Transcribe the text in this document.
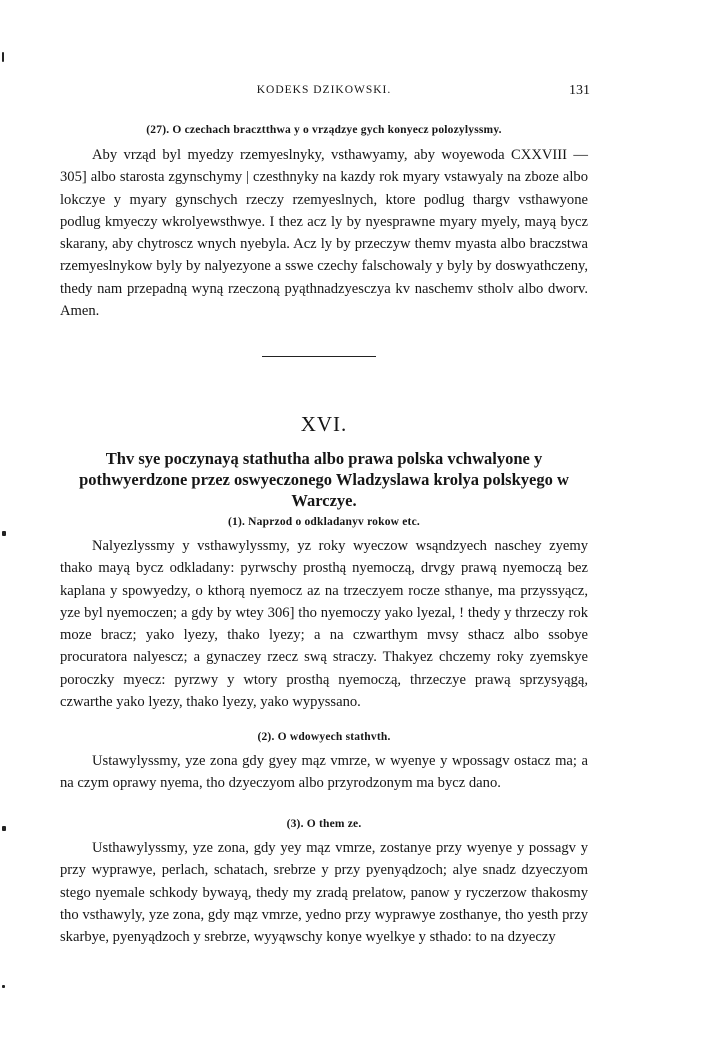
KODEKS DZIKOWSKI.	131
(27). O czechach bracztthwa y o vrządzye gych konyecz polozylyssmy.

Aby vrząd byl myedzy rzemyeslnyky, vsthawyamy, aby woyewoda CXXVIII — 305] albo starosta zgynschymy | czesthnyky na kazdy rok myary vstawyaly na zboze albo lokczye y myary gynschych rzeczy rzemyeslnych, ktore podlug thargv vsthawyone podlug kmyeczy wkrolyewsthwye. I thez acz ly by nyesprawne myary myely, mayą bycz skarany, aby chytroscz wnych nyebyla. Acz ly by przeczyw themv myasta albo braczstwa rzemyeslnykow byly by nalyezyone a sswe czechy falschowaly y byly by doswyathczeny, thedy nam przepadną wyną rzeczoną pyąthnadzyesczya kv naschemv stholv albo dworv. Amen.

XVI.
Thv sye poczynayą stathutha albo prawa polska vchwalyone y pothwyerdzone przez oswyeczonego Wladzyslawa krolya polskyego w Warczye.
(1). Naprzod o odkladanyv rokow etc.

Nalyezlyssmy y vsthawylyssmy, yz roky wyeczow wsąndzyech naschey zyemy thako mayą bycz odkladany: pyrwschy prosthą nyemoczą, drvgy prawą nyemoczą bez kaplana y spowyedzy, o kthorą nyemocz az na trzeczyem rocze sthanye, ma przyssyącz, yze byl nyemoczen; a gdy by wtey 306] tho nyemoczy yako lyezal, ! thedy y thrzeczy rok moze bracz; yako lyezy, thako lyezy; a na czwarthym mvsy sthacz albo ssobye procuratora nalyescz; a gynaczey rzecz swą straczy. Thakyez chczemy roky zyemskye poroczky myecz: pyrzwy y wtory prosthą nyemoczą, thrzeczye prawą sprzysyągą, czwarthe yako lyezy, thako lyezy, yako wypyssano.

(2). O wdowyech stathvth.

Ustawylyssmy, yze zona gdy gyey mąz vmrze, w wyenye y wpossagv ostacz ma; a na czym oprawy nyema, tho dzyeczyom albo przyrodzonym ma bycz dano.

(3). O them ze.

Usthawylyssmy, yze zona, gdy yey mąz vmrze, zostanye przy wyenye y possagv y przy wyprawye, perlach, schatach, srebrze y przy pyenyądzoch; alye snadz dzyeczyom stego nyemale schkody bywayą, thedy my zradą prelatow, panow y ryczerzow thakosmy tho vsthawyly, yze zona, gdy mąz vmrze, yedno przy wyprawye zosthanye, tho yesth przy skarbye, pyenyądzoch y srebrze, wyyąwschy konye wyelkye y sthado: to na dzyeczy
